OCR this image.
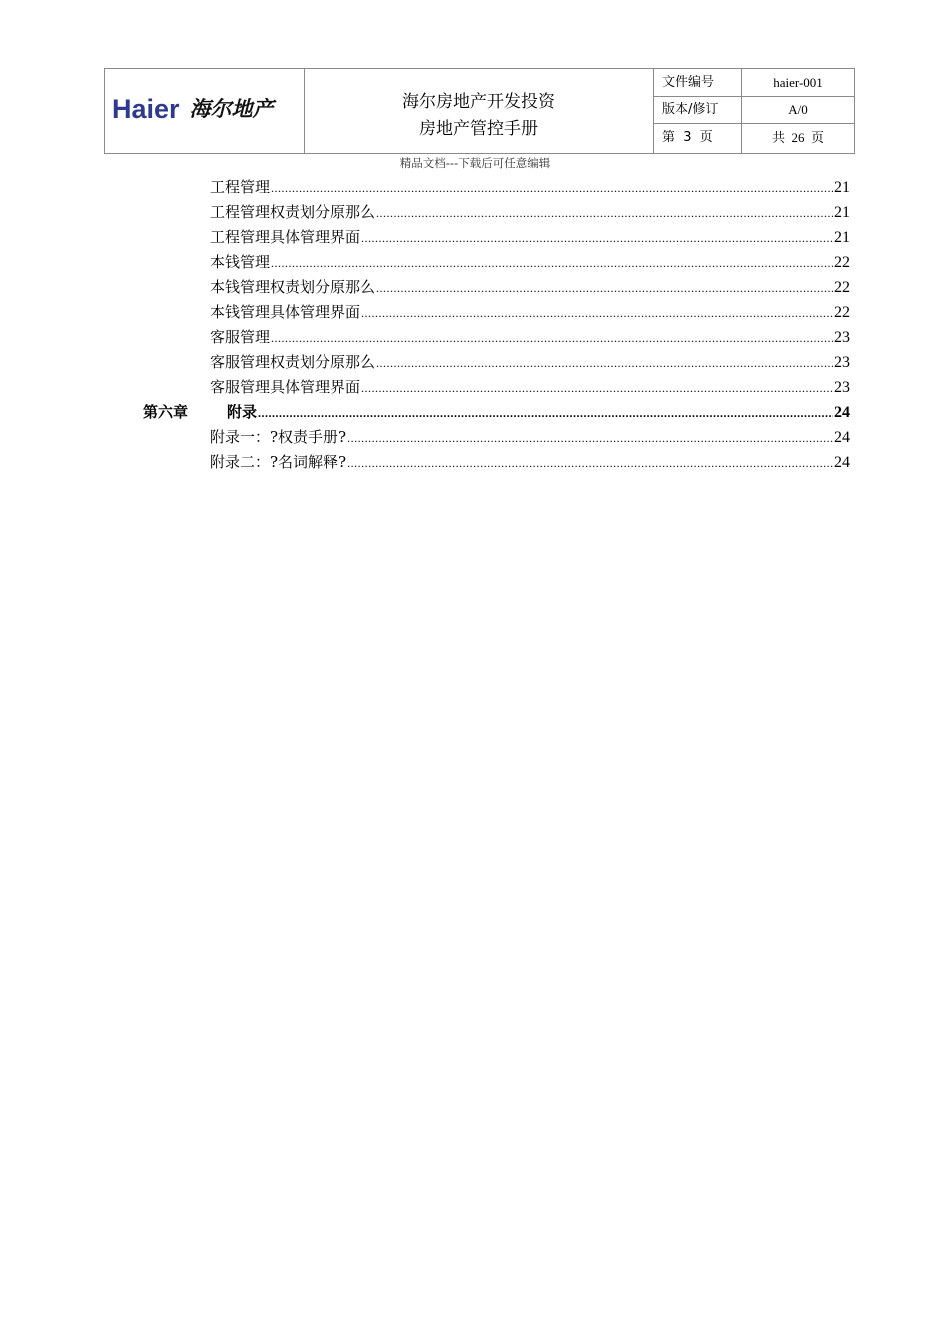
Haier 海尔地产	海尔房地产开发投资
房地产管控手册
文件编号	haier-001
版本/修订	A/0
第  3  页	共  26  页
精品文档---下载后可任意编辑
工程管理 .....	21
工程管理权责划分原那么 .....	21
工程管理具体管理界面 .....	21
本钱管理 .....	22
本钱管理权责划分原那么 .....	22
本钱管理具体管理界面 .....	22
客服管理 .....	23
客服管理权责划分原那么 .....	23
客服管理具体管理界面 .....	23
第六章	附录 .....	24
附录一：?权责手册? .....	24
附录二：?名词解释? .....	24
